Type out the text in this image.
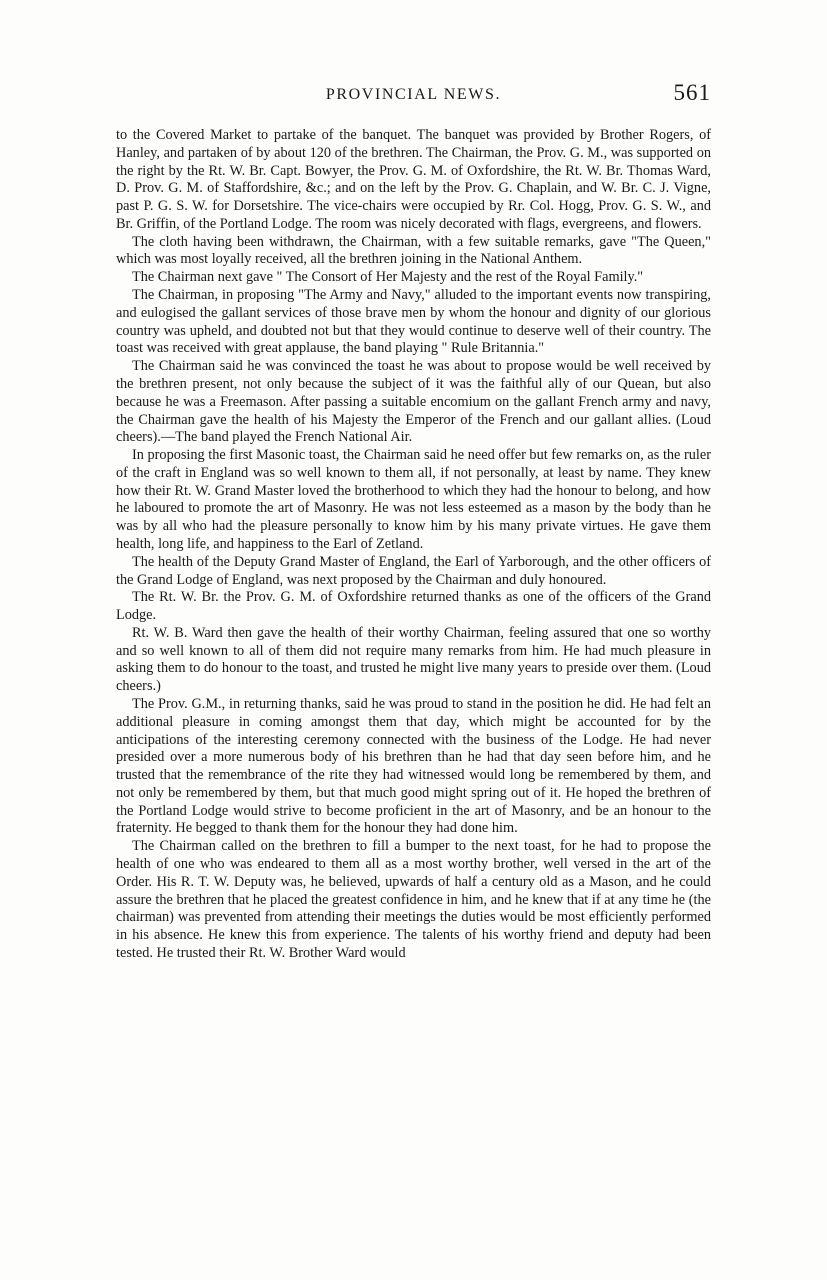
PROVINCIAL NEWS.	561

to the Covered Market to partake of the banquet. The banquet was provided by Brother Rogers, of Hanley, and partaken of by about 120 of the brethren. The Chairman, the Prov. G. M., was supported on the right by the Rt. W. Br. Capt. Bowyer, the Prov. G. M. of Oxfordshire, the Rt. W. Br. Thomas Ward, D. Prov. G. M. of Staffordshire, &c.; and on the left by the Prov. G. Chaplain, and W. Br. C. J. Vigne, past P. G. S. W. for Dorsetshire. The vice-chairs were occupied by Rr. Col. Hogg, Prov. G. S. W., and Br. Griffin, of the Portland Lodge. The room was nicely decorated with flags, evergreens, and flowers.

The cloth having been withdrawn, the Chairman, with a few suitable remarks, gave "The Queen," which was most loyally received, all the brethren joining in the National Anthem.

The Chairman next gave " The Consort of Her Majesty and the rest of the Royal Family."

The Chairman, in proposing "The Army and Navy," alluded to the important events now transpiring, and eulogised the gallant services of those brave men by whom the honour and dignity of our glorious country was upheld, and doubted not but that they would continue to deserve well of their country. The toast was received with great applause, the band playing " Rule Britannia."

The Chairman said he was convinced the toast he was about to propose would be well received by the brethren present, not only because the subject of it was the faithful ally of our Quean, but also because he was a Freemason. After passing a suitable encomium on the gallant French army and navy, the Chairman gave the health of his Majesty the Emperor of the French and our gallant allies. (Loud cheers).—The band played the French National Air.

In proposing the first Masonic toast, the Chairman said he need offer but few remarks on, as the ruler of the craft in England was so well known to them all, if not personally, at least by name. They knew how their Rt. W. Grand Master loved the brotherhood to which they had the honour to belong, and how he laboured to promote the art of Masonry. He was not less esteemed as a mason by the body than he was by all who had the pleasure personally to know him by his many private virtues. He gave them health, long life, and happiness to the Earl of Zetland.

The health of the Deputy Grand Master of England, the Earl of Yarborough, and the other officers of the Grand Lodge of England, was next proposed by the Chairman and duly honoured.

The Rt. W. Br. the Prov. G. M. of Oxfordshire returned thanks as one of the officers of the Grand Lodge.

Rt. W. B. Ward then gave the health of their worthy Chairman, feeling assured that one so worthy and so well known to all of them did not require many remarks from him. He had much pleasure in asking them to do honour to the toast, and trusted he might live many years to preside over them. (Loud cheers.)

The Prov. G.M., in returning thanks, said he was proud to stand in the position he did. He had felt an additional pleasure in coming amongst them that day, which might be accounted for by the anticipations of the interesting ceremony connected with the business of the Lodge. He had never presided over a more numerous body of his brethren than he had that day seen before him, and he trusted that the remembrance of the rite they had witnessed would long be remembered by them, and not only be remembered by them, but that much good might spring out of it. He hoped the brethren of the Portland Lodge would strive to become proficient in the art of Masonry, and be an honour to the fraternity. He begged to thank them for the honour they had done him.

The Chairman called on the brethren to fill a bumper to the next toast, for he had to propose the health of one who was endeared to them all as a most worthy brother, well versed in the art of the Order. His R. T. W. Deputy was, he believed, upwards of half a century old as a Mason, and he could assure the brethren that he placed the greatest confidence in him, and he knew that if at any time he (the chairman) was prevented from attending their meetings the duties would be most efficiently performed in his absence. He knew this from experience. The talents of his worthy friend and deputy had been tested. He trusted their Rt. W. Brother Ward would
